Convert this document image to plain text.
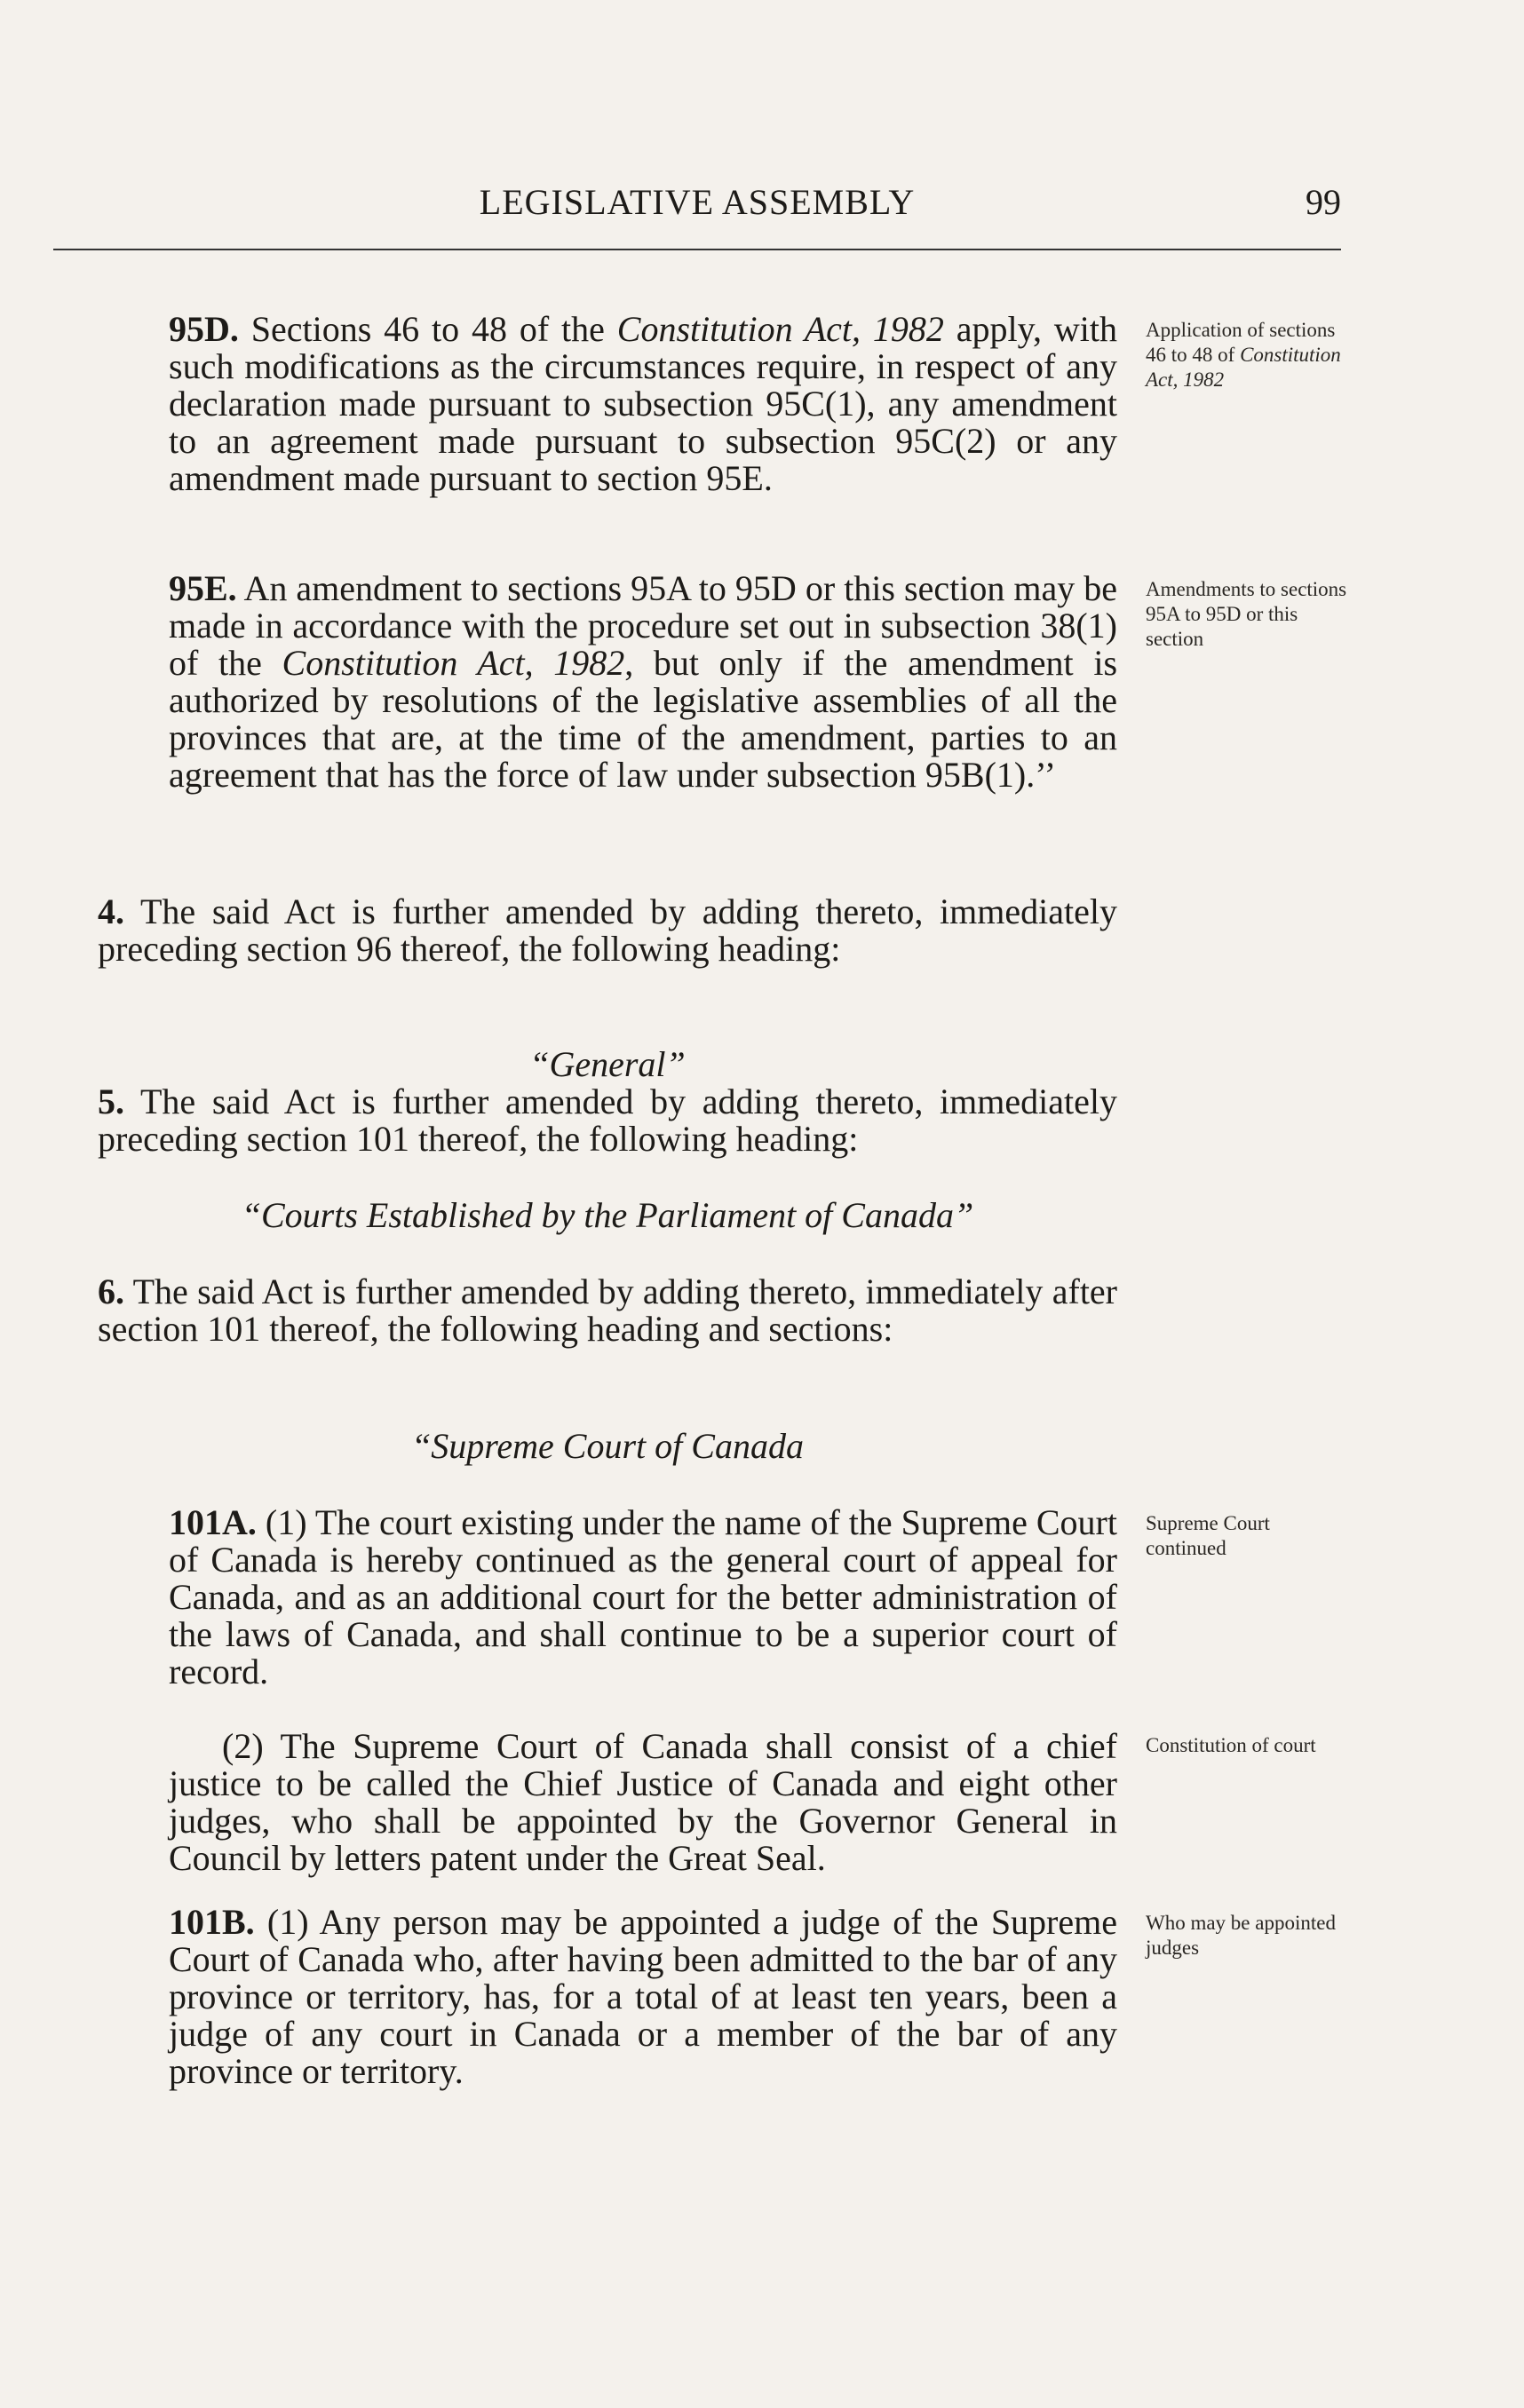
LEGISLATIVE ASSEMBLY	99
95D. Sections 46 to 48 of the Constitution Act, 1982 apply, with such modifications as the circumstances require, in respect of any declaration made pursuant to subsection 95C(1), any amendment to an agreement made pursuant to subsection 95C(2) or any amendment made pursuant to section 95E.
Application of sections 46 to 48 of Constitution Act, 1982
95E. An amendment to sections 95A to 95D or this section may be made in accordance with the procedure set out in subsection 38(1) of the Constitution Act, 1982, but only if the amendment is authorized by resolutions of the legislative assemblies of all the provinces that are, at the time of the amendment, parties to an agreement that has the force of law under subsection 95B(1).’’
Amendments to sections 95A to 95D or this section
4. The said Act is further amended by adding thereto, immediately preceding section 96 thereof, the following heading:
“General”
5. The said Act is further amended by adding thereto, immediately preceding section 101 thereof, the following heading:
“Courts Established by the Parliament of Canada”
6. The said Act is further amended by adding thereto, immediately after section 101 thereof, the following heading and sections:
“Supreme Court of Canada
101A. (1) The court existing under the name of the Supreme Court of Canada is hereby continued as the general court of appeal for Canada, and as an additional court for the better administration of the laws of Canada, and shall continue to be a superior court of record.
Supreme Court continued
(2) The Supreme Court of Canada shall consist of a chief justice to be called the Chief Justice of Canada and eight other judges, who shall be appointed by the Governor General in Council by letters patent under the Great Seal.
Constitution of court
101B. (1) Any person may be appointed a judge of the Supreme Court of Canada who, after having been admitted to the bar of any province or territory, has, for a total of at least ten years, been a judge of any court in Canada or a member of the bar of any province or territory.
Who may be appointed judges
